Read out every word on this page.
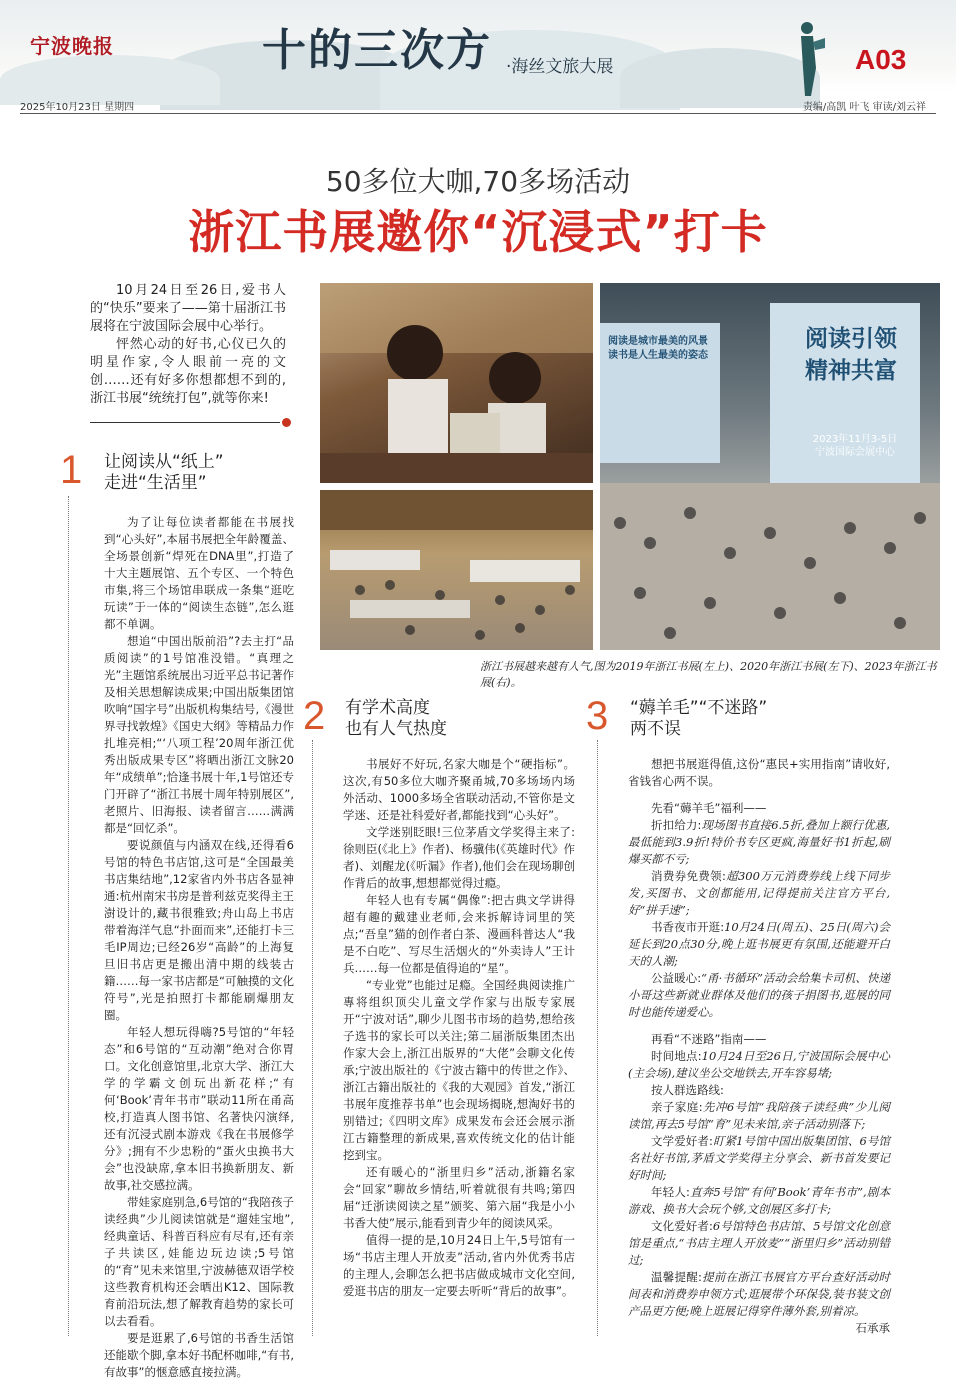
宁波晚报	十的三次方 ·海丝文旅大展	A03
2025年10月23日 星期四	责编/高凯 叶飞 审读/刘云祥
50多位大咖,70多场活动
浙江书展邀你“沉浸式”打卡

10月24日至26日,爱书人的“快乐”要来了——第十届浙江书展将在宁波国际会展中心举行。

怦然心动的好书,心仪已久的明星作家,令人眼前一亮的文创……还有好多你想都想不到的,浙江书展“统统打包”,就等你来!

阅读是城市最美的风景
读书是人生最美的姿态
阅读引领
精神共富
2023年11月3-5日
宁波国际会展中心
浙江书展越来越有人气,图为2019年浙江书展(左上)、2020年浙江书展(左下)、2023年浙江书展(右)。
1 让阅读从“纸上”
走进“生活里”

为了让每位读者都能在书展找到“心头好”,本届书展把全年龄覆盖、全场景创新“焊死在DNA里”,打造了十大主题展馆、五个专区、一个特色市集,将三个场馆串联成一条集“逛吃玩读”于一体的“阅读生态链”,怎么逛都不单调。

想追“中国出版前沿”?去主打“品质阅读”的1号馆准没错。“真理之光”主题馆系统展出习近平总书记著作及相关思想解读成果;中国出版集团馆吹响“国字号”出版机构集结号,《漫世界寻找敦煌》《国史大纲》等精品力作扎堆亮相;“‘八项工程’20周年浙江优秀出版成果专区”将晒出浙江文脉20年“成绩单”;恰逢书展十年,1号馆还专门开辟了“浙江书展十周年特别展区”,老照片、旧海报、读者留言……满满都是“回忆杀”。

要说颜值与内涵双在线,还得看6号馆的特色书店馆,这可是“全国最美书店集结地”,12家省内外书店各显神通:杭州南宋书房是普利兹克奖得主王澍设计的,藏书很雅致;舟山岛上书店带着海洋气息“扑面而来”,还能打卡三毛IP周边;已经26岁“高龄”的上海复旦旧书店更是搬出清中期的线装古籍……每一家书店都是“可触摸的文化符号”,光是拍照打卡都能刷爆朋友圈。

年轻人想玩得嗨?5号馆的“年轻态”和6号馆的“互动潮”绝对合你胃口。文化创意馆里,北京大学、浙江大学的学霸文创玩出新花样;“有何‘Book’青年书市”联动11所在甬高校,打造真人图书馆、名著快闪演绎,还有沉浸式剧本游戏《我在书展修学分》;拥有不少忠粉的“蛋火虫换书大会”也没缺席,拿本旧书换新朋友、新故事,社交感拉满。

带娃家庭别急,6号馆的“我陪孩子读经典”少儿阅读馆就是“遛娃宝地”,经典童话、科普百科应有尽有,还有亲子共读区,娃能边玩边读;5号馆的“育”见未来馆里,宁波赫德双语学校这些教育机构还会晒出K12、国际教育前沿玩法,想了解教育趋势的家长可以去看看。

要是逛累了,6号馆的书香生活馆还能歇个脚,拿本好书配杯咖啡,“有书,有故事”的惬意感直接拉满。

2 有学术高度
也有人气热度

书展好不好玩,名家大咖是个“硬指标”。这次,有50多位大咖齐聚甬城,70多场场内场外活动、1000多场全省联动活动,不管你是文学迷、还是社科爱好者,都能找到“心头好”。

文学迷别眨眼!三位茅盾文学奖得主来了:徐则臣(《北上》作者)、杨骥伟(《英雄时代》作者)、刘醒龙(《听漏》作者),他们会在现场聊创作背后的故事,想想都觉得过瘾。

年轻人也有专属“偶像”:把古典文学讲得超有趣的戴建业老师,会来拆解诗词里的笑点;“吾皇”猫的创作者白茶、漫画科普达人“我是不白吃”、写尽生活烟火的“外卖诗人”王计兵……每一位都是值得追的“星”。

“专业党”也能过足瘾。全国经典阅读推广專将组织顶尖儿童文学作家与出版专家展开“宁波对话”,聊少儿图书市场的趋势,想给孩子选书的家长可以关注;第二届浙版集团杰出作家大会上,浙江出版界的“大佬”会聊文化传承;宁波出版社的《宁波古籍中的传世之作》、浙江古籍出版社的《我的大观园》首发,“浙江书展年度推荐书单”也会现场揭晓,想淘好书的别错过;《四明文库》成果发布会还会展示浙江古籍整理的新成果,喜欢传统文化的估计能挖到宝。

还有暖心的“浙里归乡”活动,浙籍名家会“回家”聊故乡情结,听着就很有共鸣;第四届“迁浙读阅读之星”颁奖、第六届“我是小小书香大使”展示,能看到青少年的阅读风采。

值得一提的是,10月24日上午,5号馆有一场“书店主理人开放麦”活动,省内外优秀书店的主理人,会聊怎么把书店做成城市文化空间,爱逛书店的朋友一定要去听听“背后的故事”。

3 “薅羊毛”“不迷路”
两不误

想把书展逛得值,这份“惠民+实用指南”请收好,省钱省心两不误。

先看“薅羊毛”福利——

折扣给力:现场图书直接6.5折,叠加上额行优惠,最低能到3.9折!特价书专区更疯,海量好书1折起,刷爆买都不亏;

消费券免费领:超300万元消费券线上线下同步发,买图书、文创都能用,记得提前关注官方平台,好“拼手速”;

书香夜市开逛:10月24日(周五)、25日(周六)会延长到20点30分,晚上逛书展更有氛围,还能避开白天的人潮;

公益暖心:“甬·书循环”活动会给集卡司机、快递小哥这些新就业群体及他们的孩子捐图书,逛展的同时也能传递爱心。

再看“不迷路”指南——

时间地点:10月24日至26日,宁波国际会展中心(主会场),建议坐公交地铁去,开车容易堵;

按人群选路线:

亲子家庭:先冲6号馆“我陪孩子读经典”少儿阅读馆,再去5号馆“育”见未来馆,亲子活动别落下;

文学爱好者:盯紧1号馆中国出版集团馆、6号馆名社好书馆,茅盾文学奖得主分享会、新书首发要记好时间;

年轻人:直奔5号馆“有何‘Book’青年书市”,剧本游戏、换书大会玩个够,文创展区多打卡;

文化爱好者:6号馆特色书店馆、5号馆文化创意馆是重点,“书店主理人开放麦”“浙里归乡”活动别错过;

温馨提醒:提前在浙江书展官方平台查好活动时间表和消费券申领方式;逛展带个环保袋,装书装文创产品更方便;晚上逛展记得穿件薄外套,别着凉。

石承承
